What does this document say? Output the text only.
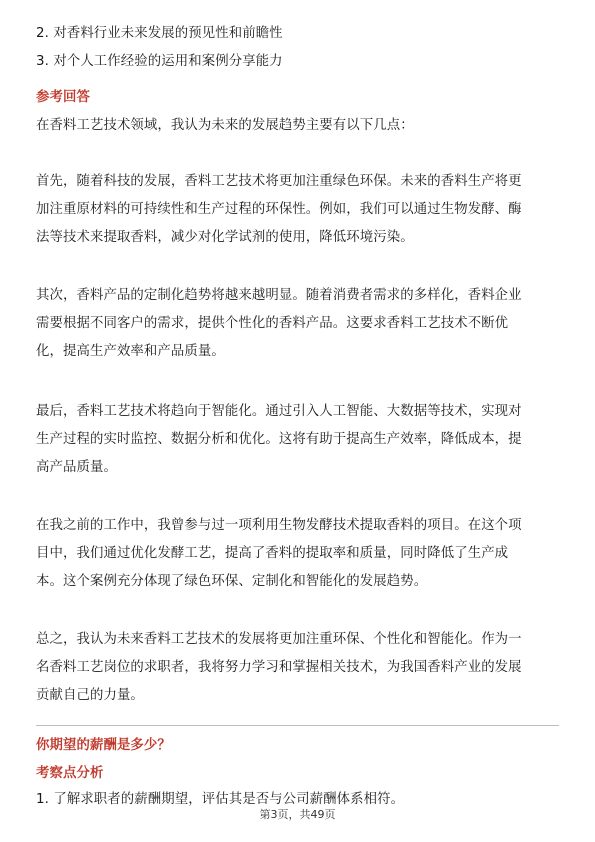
2. 对香料行业未来发展的预见性和前瞻性
3. 对个人工作经验的运用和案例分享能力
参考回答
在香料工艺技术领域，我认为未来的发展趋势主要有以下几点：
首先，随着科技的发展，香料工艺技术将更加注重绿色环保。未来的香料生产将更
加注重原材料的可持续性和生产过程的环保性。例如，我们可以通过生物发酵、酶
法等技术来提取香料，减少对化学试剂的使用，降低环境污染。
其次，香料产品的定制化趋势将越来越明显。随着消费者需求的多样化，香料企业
需要根据不同客户的需求，提供个性化的香料产品。这要求香料工艺技术不断优
化，提高生产效率和产品质量。
最后，香料工艺技术将趋向于智能化。通过引入人工智能、大数据等技术，实现对
生产过程的实时监控、数据分析和优化。这将有助于提高生产效率，降低成本，提
高产品质量。
在我之前的工作中，我曾参与过一项利用生物发酵技术提取香料的项目。在这个项
目中，我们通过优化发酵工艺，提高了香料的提取率和质量，同时降低了生产成
本。这个案例充分体现了绿色环保、定制化和智能化的发展趋势。
总之，我认为未来香料工艺技术的发展将更加注重环保、个性化和智能化。作为一
名香料工艺岗位的求职者，我将努力学习和掌握相关技术，为我国香料产业的发展
贡献自己的力量。
你期望的薪酬是多少？
考察点分析
1. 了解求职者的薪酬期望，评估其是否与公司薪酬体系相符。
第3页，共49页
